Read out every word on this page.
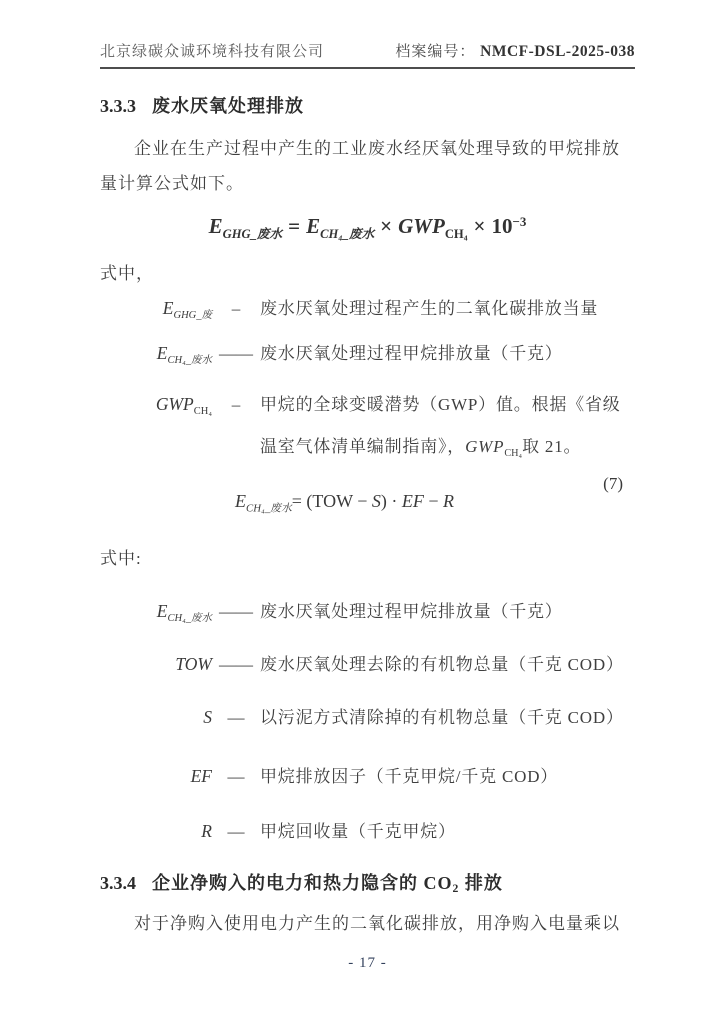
北京绿碳众诚环境科技有限公司	档案编号： NMCF-DSL-2025-038
3.3.3 废水厌氧处理排放
企业在生产过程中产生的工业废水经厌氧处理导致的甲烷排放
量计算公式如下。
$E_{GHG\_废水} = E_{CH_4\_废水} \times GWP_{CH_4} \times 10^{-3}$
式中，
$E_{GHG\_废}$	–	废水厌氧处理过程产生的二氧化碳排放当量
$E_{CH_4\_废水}$ —— 废水厌氧处理过程甲烷排放量（千克）
$GWP_{CH_4}$	–	甲烷的全球变暖潜势（GWP）值。根据《省级
温室气体清单编制指南》，$GWP_{CH_4}$取 21。
(7)
$E_{CH_4\_废水}= (TOW - S)$ · EF − R
式中:
$E_{CH_4\_废水}$ —— 废水厌氧处理过程甲烷排放量（千克）
TOW —— 废水厌氧处理去除的有机物总量（千克 COD）
S — 以污泥方式清除掉的有机物总量（千克 COD）
EF — 甲烷排放因子（千克甲烷/千克 COD）
R — 甲烷回收量（千克甲烷）
3.3.4 企业净购入的电力和热力隐含的 $CO_2$ 排放
对于净购入使用电力产生的二氧化碳排放，用净购入电量乘以
- 17 -
